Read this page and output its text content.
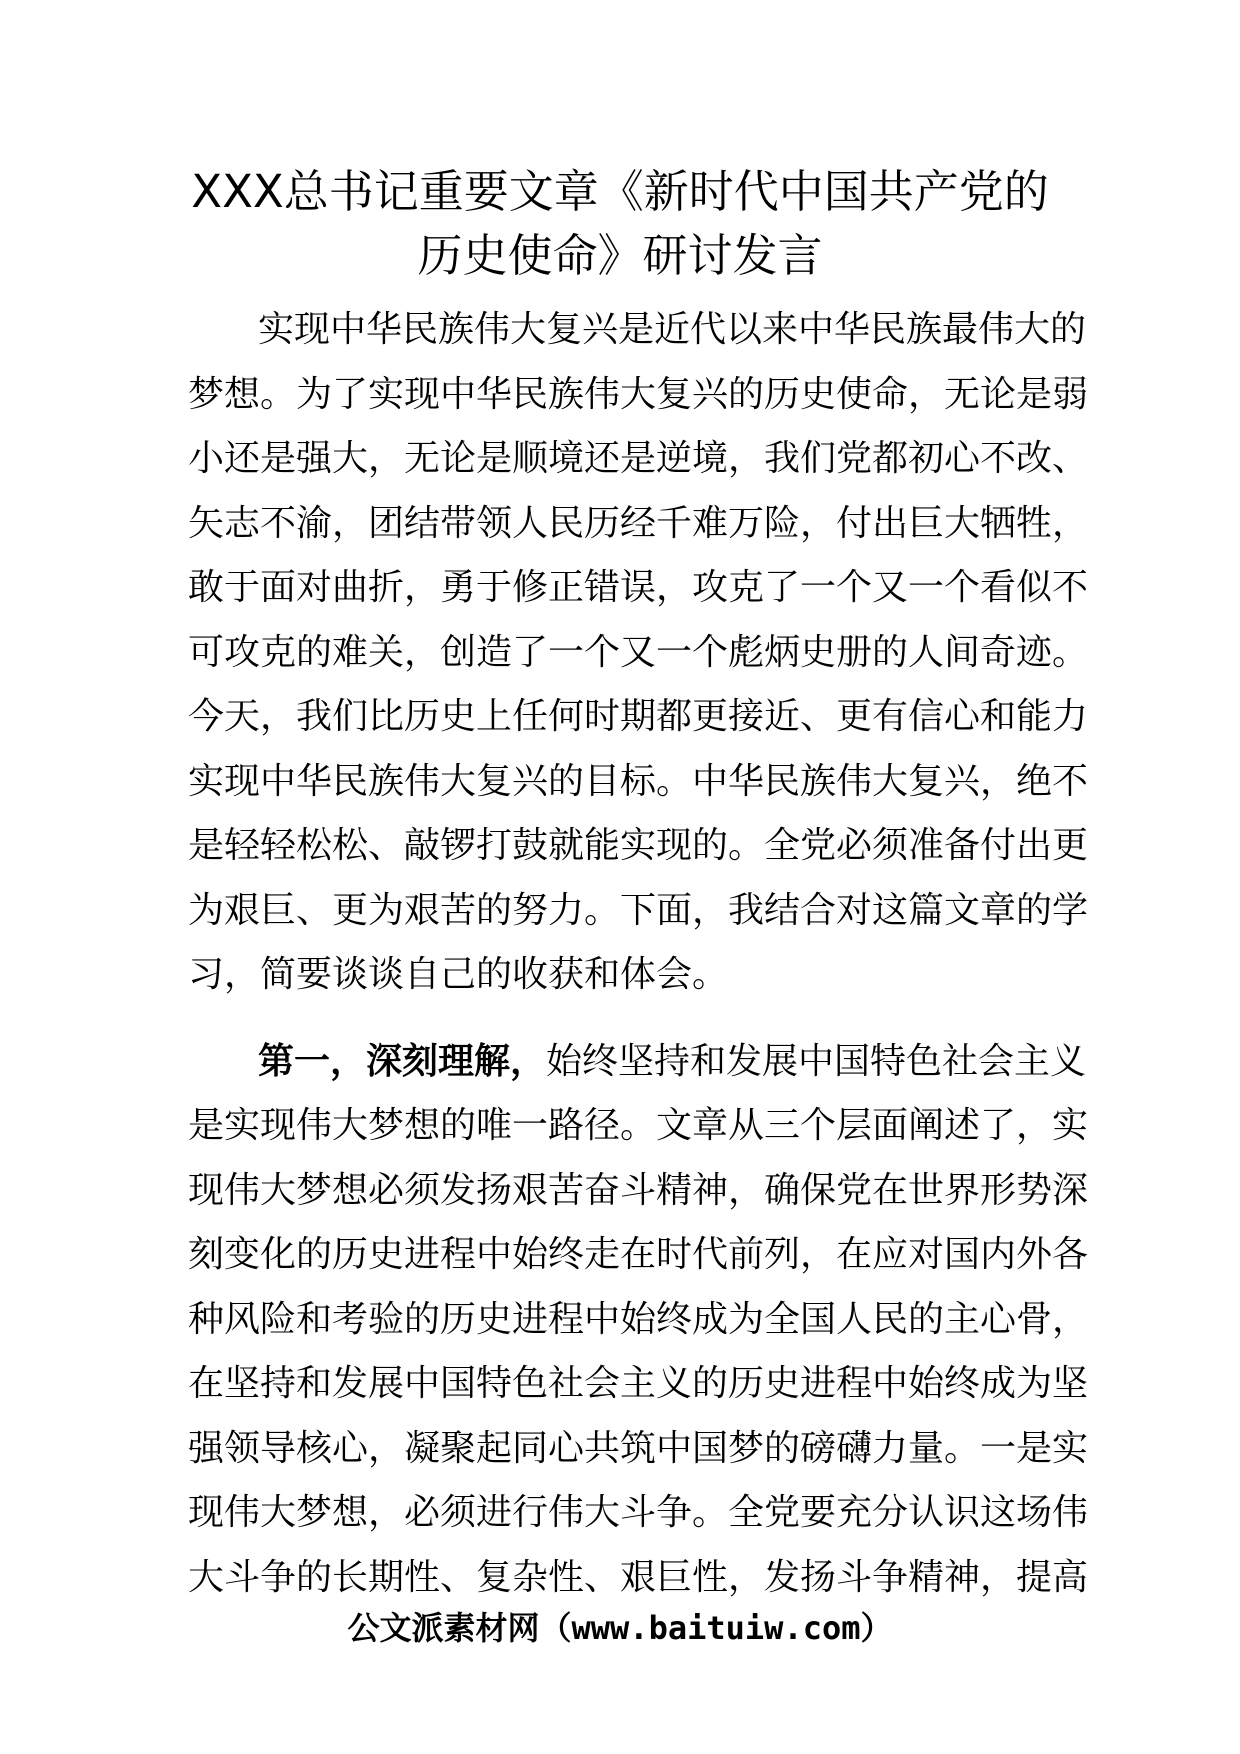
XXX总书记重要文章《新时代中国共产党的
历史使命》研讨发言

实现中华民族伟大复兴是近代以来中华民族最伟大的
梦想。为了实现中华民族伟大复兴的历史使命，无论是弱
小还是强大，无论是顺境还是逆境，我们党都初心不改、
矢志不渝，团结带领人民历经千难万险，付出巨大牺牲，
敢于面对曲折，勇于修正错误，攻克了一个又一个看似不
可攻克的难关，创造了一个又一个彪炳史册的人间奇迹。
今天，我们比历史上任何时期都更接近、更有信心和能力
实现中华民族伟大复兴的目标。中华民族伟大复兴，绝不
是轻轻松松、敲锣打鼓就能实现的。全党必须准备付出更
为艰巨、更为艰苦的努力。下面，我结合对这篇文章的学
习，简要谈谈自己的收获和体会。

第一，深刻理解，始终坚持和发展中国特色社会主义
是实现伟大梦想的唯一路径。文章从三个层面阐述了，实
现伟大梦想必须发扬艰苦奋斗精神，确保党在世界形势深
刻变化的历史进程中始终走在时代前列，在应对国内外各
种风险和考验的历史进程中始终成为全国人民的主心骨，
在坚持和发展中国特色社会主义的历史进程中始终成为坚
强领导核心，凝聚起同心共筑中国梦的磅礴力量。一是实
现伟大梦想，必须进行伟大斗争。全党要充分认识这场伟
大斗争的长期性、复杂性、艰巨性，发扬斗争精神，提高

公文派素材网（www.baituiw.com）
